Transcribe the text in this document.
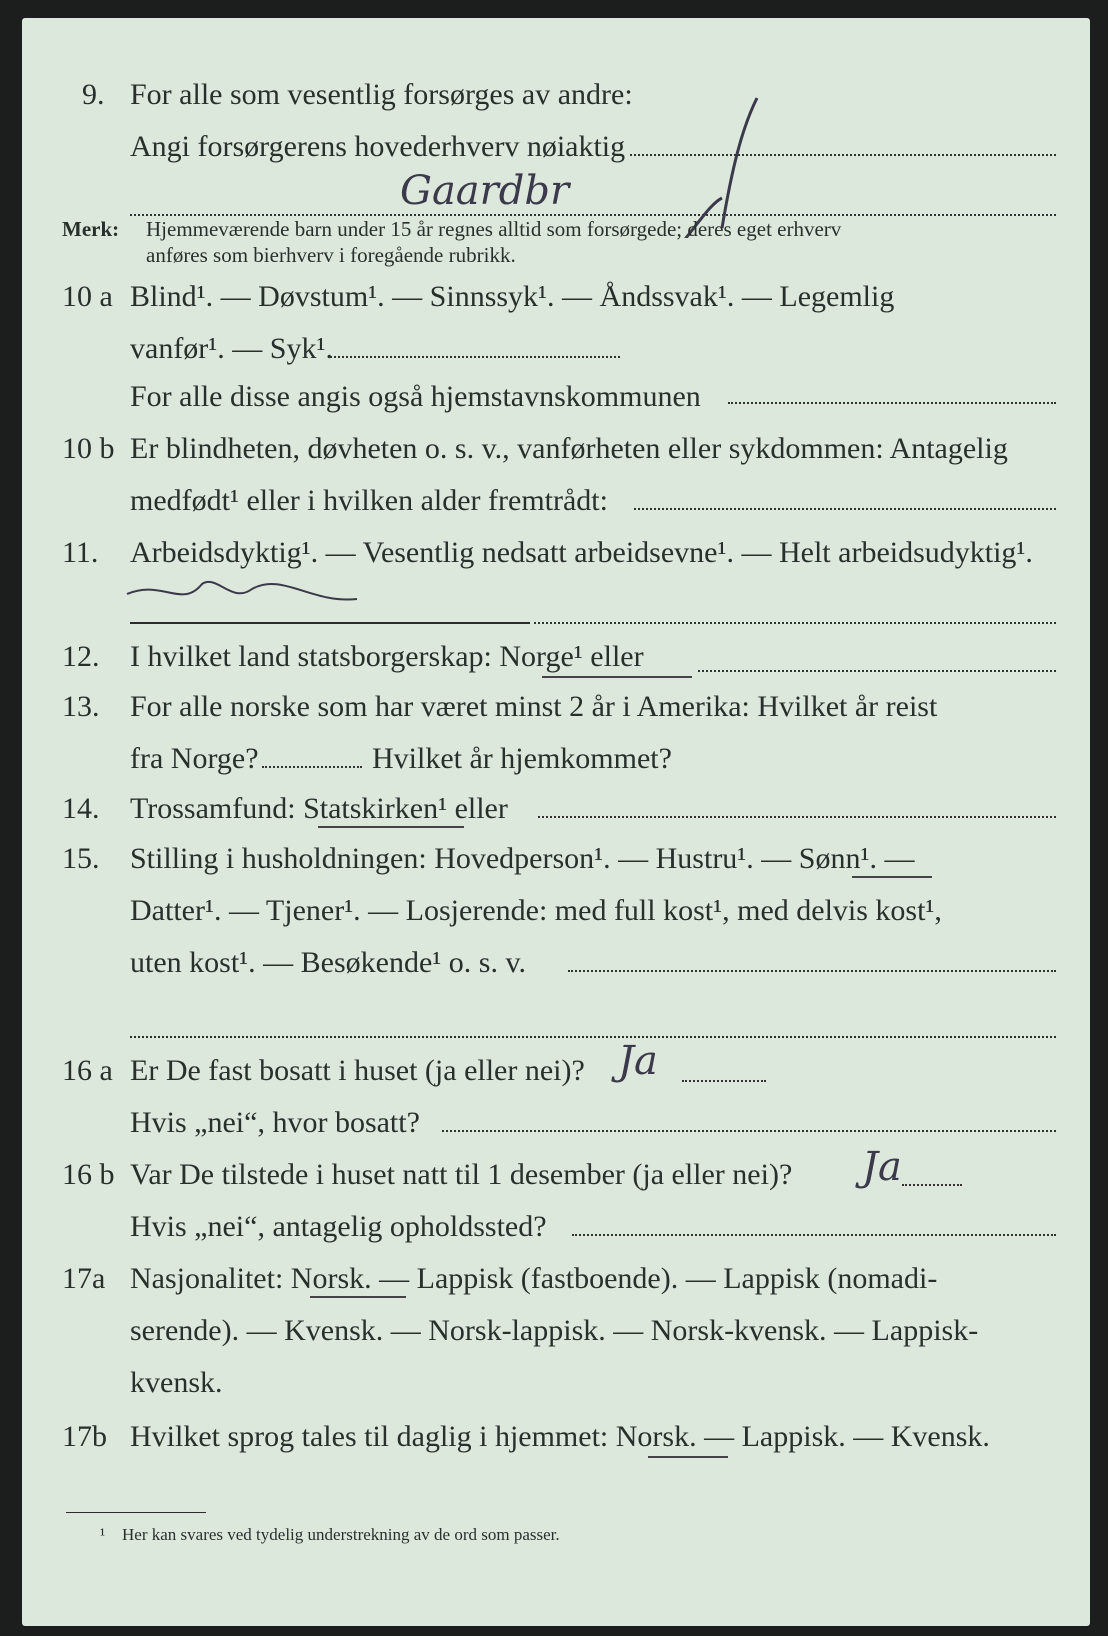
9. For alle som vesentlig forsørges av andre:
Angi forsørgerens hovederhverv nøiaktig
Gaardbr
Merk: Hjemmeværende barn under 15 år regnes alltid som forsørgede; deres eget erhverv
anføres som bierhverv i foregående rubrikk.
10 a Blind¹. — Døvstum¹. — Sinnssyk¹. — Åndssvak¹. — Legemlig
vanfør¹. — Syk¹.
For alle disse angis også hjemstavnskommunen
10 b Er blindheten, døvheten o. s. v., vanførheten eller sykdommen: Antagelig
medfødt¹ eller i hvilken alder fremtrådt:
11. Arbeidsdyktig¹. — Vesentlig nedsatt arbeidsevne¹. — Helt arbeidsudyktig¹.
12. I hvilket land statsborgerskap: Norge¹ eller
13. For alle norske som har været minst 2 år i Amerika: Hvilket år reist
fra Norge?	Hvilket år hjemkommet?
14. Trossamfund: Statskirken¹ eller
15. Stilling i husholdningen: Hovedperson¹. — Hustru¹. — Sønn¹. —
Datter¹. — Tjener¹. — Losjerende: med full kost¹, med delvis kost¹,
uten kost¹. — Besøkende¹ o. s. v.
16 a Er De fast bosatt i huset (ja eller nei)? Ja
Hvis „nei“, hvor bosatt?
16 b Var De tilstede i huset natt til 1 desember (ja eller nei)? Ja
Hvis „nei“, antagelig opholdssted?
17a Nasjonalitet: Norsk. — Lappisk (fastboende). — Lappisk (nomadi-
serende). — Kvensk. — Norsk-lappisk. — Norsk-kvensk. — Lappisk-
kvensk.
17b Hvilket sprog tales til daglig i hjemmet: Norsk. — Lappisk. — Kvensk.
¹ Her kan svares ved tydelig understrekning av de ord som passer.
